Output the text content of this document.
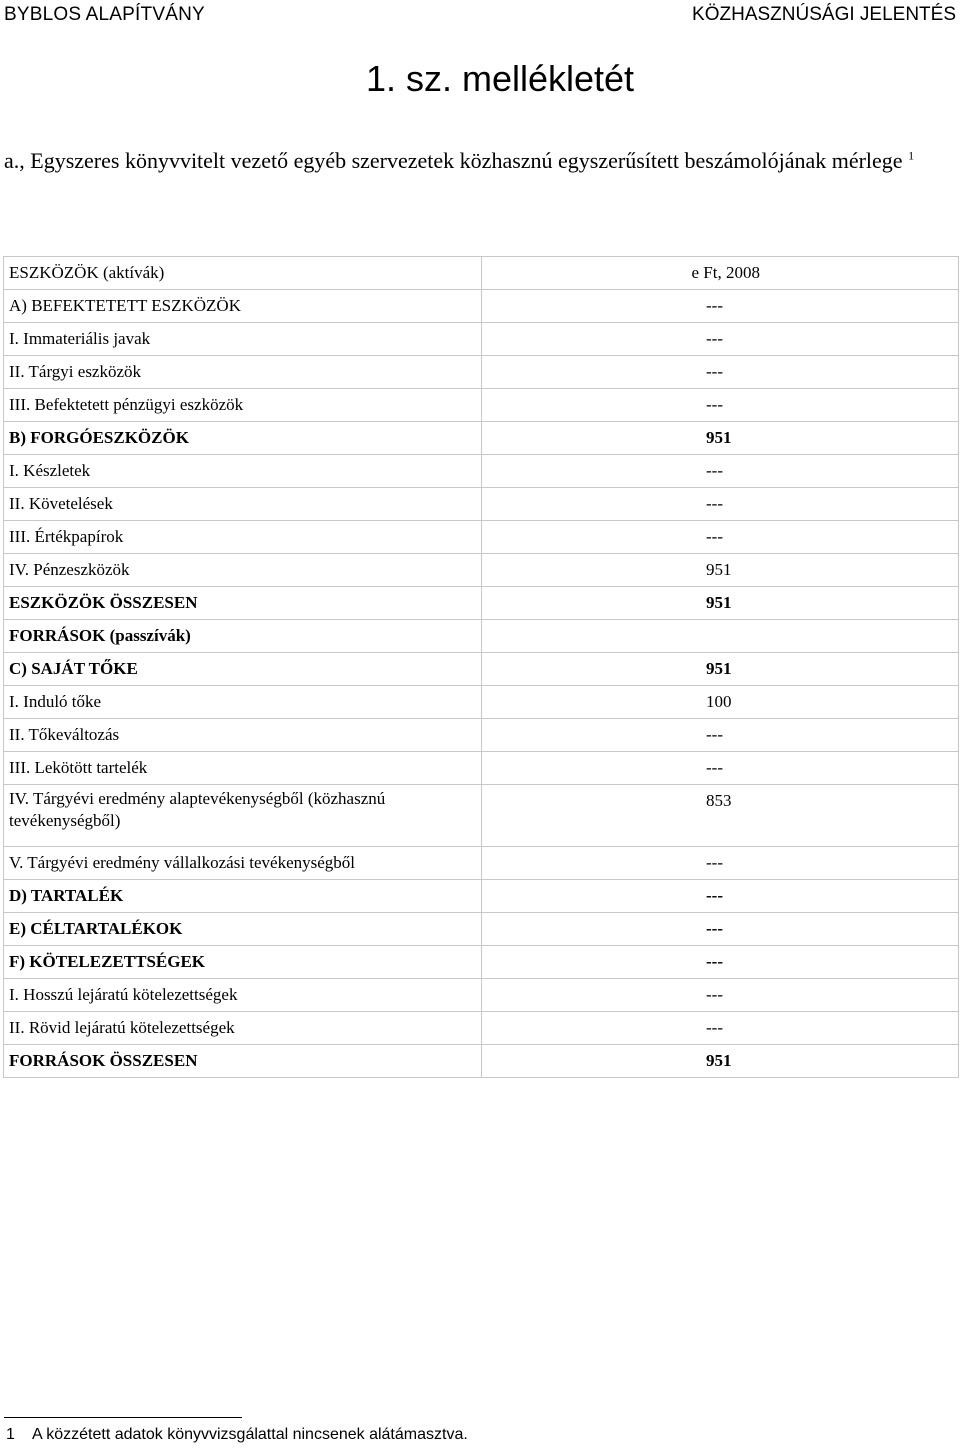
BYBLOS ALAPÍTVÁNY	KÖZHASZNÚSÁGI JELENTÉS
1. sz. mellékletét
a., Egyszeres könyvvitelt vezető egyéb szervezetek közhasznú egyszerűsített beszámolójának mérlege $^1$
ESZKÖZÖK (aktívák)	e Ft, 2008
A) BEFEKTETETT ESZKÖZÖK	---
I. Immateriális javak	---
II. Tárgyi eszközök	---
III. Befektetett pénzügyi eszközök	---
B) FORGÓESZKÖZÖK	951
I. Készletek	---
II. Követelések	---
III. Értékpapírok	---
IV. Pénzeszközök	951
ESZKÖZÖK ÖSSZESEN	951
FORRÁSOK (passzívák)	
C) SAJÁT TŐKE	951
I. Induló tőke	100
II. Tőkeváltozás	---
III. Lekötött tartelék	---
IV. Tárgyévi eredmény alaptevékenységből (közhasznú tevékenységből)	853
V. Tárgyévi eredmény vállalkozási tevékenységből	---
D) TARTALÉK	---
E) CÉLTARTALÉKOK	---
F) KÖTELEZETTSÉGEK	---
I. Hosszú lejáratú kötelezettségek	---
II. Rövid lejáratú kötelezettségek	---
FORRÁSOK ÖSSZESEN	951
1 A közzétett adatok könyvvizsgálattal nincsenek alátámasztva.
